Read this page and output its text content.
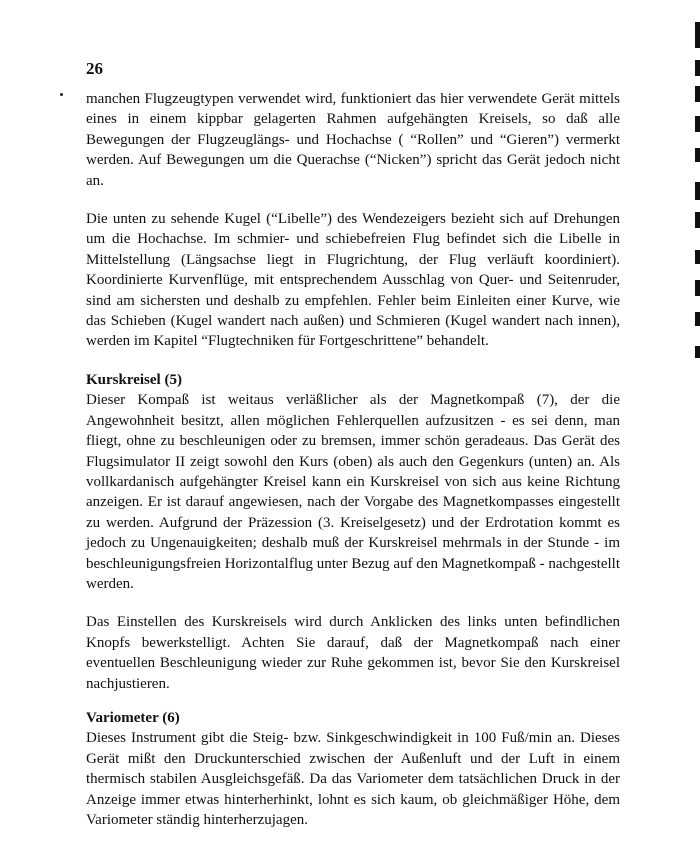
26

manchen Flugzeugtypen verwendet wird, funktioniert das hier verwendete Gerät mittels eines in einem kippbar gelagerten Rahmen aufgehängten Kreisels, so daß alle Bewegungen der Flugzeuglängs- und Hochachse ( “Rollen” und “Gieren”) vermerkt werden. Auf Bewegungen um die Querachse (“Nicken”) spricht das Gerät jedoch nicht an.

Die unten zu sehende Kugel (“Libelle”) des Wendezeigers bezieht sich auf Drehungen um die Hochachse. Im schmier- und schiebefreien Flug befindet sich die Libelle in Mittelstellung (Längsachse liegt in Flugrichtung, der Flug verläuft koordiniert). Koordinierte Kurvenflüge, mit entsprechendem Ausschlag von Quer- und Seitenruder, sind am sichersten und deshalb zu empfehlen. Fehler beim Einleiten einer Kurve, wie das Schieben (Kugel wandert nach außen) und Schmieren (Kugel wandert nach innen), werden im Kapitel “Flugtechniken für Fortgeschrittene” behandelt.

Kurskreisel (5)

Dieser Kompaß ist weitaus verläßlicher als der Magnetkompaß (7), der die Angewohnheit besitzt, allen möglichen Fehlerquellen aufzusitzen - es sei denn, man fliegt, ohne zu beschleunigen oder zu bremsen, immer schön geradeaus. Das Gerät des Flugsimulator II zeigt sowohl den Kurs (oben) als auch den Gegenkurs (unten) an. Als vollkardanisch aufgehängter Kreisel kann ein Kurskreisel von sich aus keine Richtung anzeigen. Er ist darauf angewiesen, nach der Vorgabe des Magnetkompasses eingestellt zu werden. Aufgrund der Präzession (3. Kreiselgesetz) und der Erdrotation kommt es jedoch zu Ungenauigkeiten; deshalb muß der Kurskreisel mehrmals in der Stunde - im beschleunigungsfreien Horizontalflug unter Bezug auf den Magnetkompaß - nachgestellt werden.

Das Einstellen des Kurskreisels wird durch Anklicken des links unten befindlichen Knopfs bewerkstelligt. Achten Sie darauf, daß der Magnetkompaß nach einer eventuellen Beschleunigung wieder zur Ruhe gekommen ist, bevor Sie den Kurskreisel nachjustieren.

Variometer (6)

Dieses Instrument gibt die Steig- bzw. Sinkgeschwindigkeit in 100 Fuß/min an. Dieses Gerät mißt den Druckunterschied zwischen der Außenluft und der Luft in einem thermisch stabilen Ausgleichsgefäß. Da das Variometer dem tatsächlichen Druck in der Anzeige immer etwas hinterherhinkt, lohnt es sich kaum, ob gleichmäßiger Höhe, dem Variometer ständig hinterherzujagen.
